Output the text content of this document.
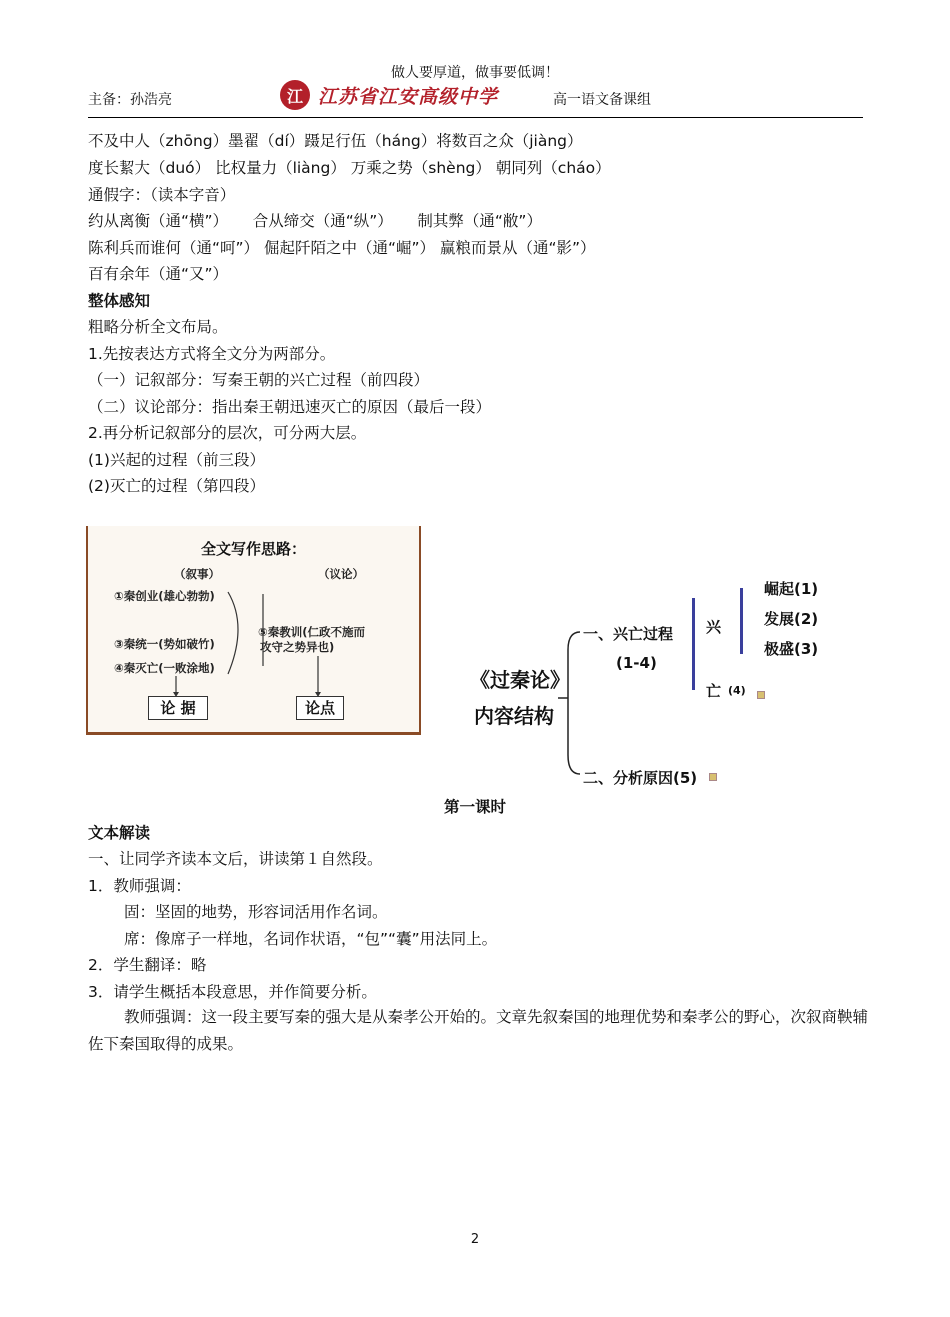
做人要厚道，做事要低调！
主备：孙浩亮	江 江苏省江安高级中学	高一语文备课组
不及中人（zhōng）墨翟（dí）蹑足行伍（háng）将数百之众（jiàng）
度长絜大（duó） 比权量力（liàng） 万乘之势（shèng） 朝同列（cháo）
通假字：（读本字音）
约从离衡（通“横”）     合从缔交（通“纵”）     制其弊（通“敝”）
陈利兵而谁何（通“呵”） 倔起阡陌之中（通“崛”） 赢粮而景从（通“影”）
百有余年（通“又”）
整体感知
粗略分析全文布局。
1.先按表达方式将全文分为两部分。
（一）记叙部分：写秦王朝的兴亡过程（前四段）
（二）议论部分：指出秦王朝迅速灭亡的原因（最后一段）
2.再分析记叙部分的层次，可分两大层。
(1)兴起的过程（前三段）
(2)灭亡的过程（第四段）
全文写作思路：
（叙事）	（议论）
①秦创业(雄心勃勃)
③秦统一(势如破竹)
④秦灭亡(一败涂地)
⑤秦教训(仁政不施而
攻守之势异也)
论 据	论点
《过秦论》
内容结构
一、兴亡过程
(1-4)
兴
亡 (4)
崛起(1)
发展(2)
极盛(3)
二、分析原因(5)
第一课时
文本解读
一、让同学齐读本文后，讲读第１自然段。
1．教师强调：
固：坚固的地势，形容词活用作名词。
席：像席子一样地，名词作状语，“包”“囊”用法同上。
2．学生翻译：略
3．请学生概括本段意思，并作简要分析。
教师强调：这一段主要写秦的强大是从秦孝公开始的。文章先叙秦国的地理优势和秦孝公的野心，次叙商鞅辅佐下秦国取得的成果。
2
